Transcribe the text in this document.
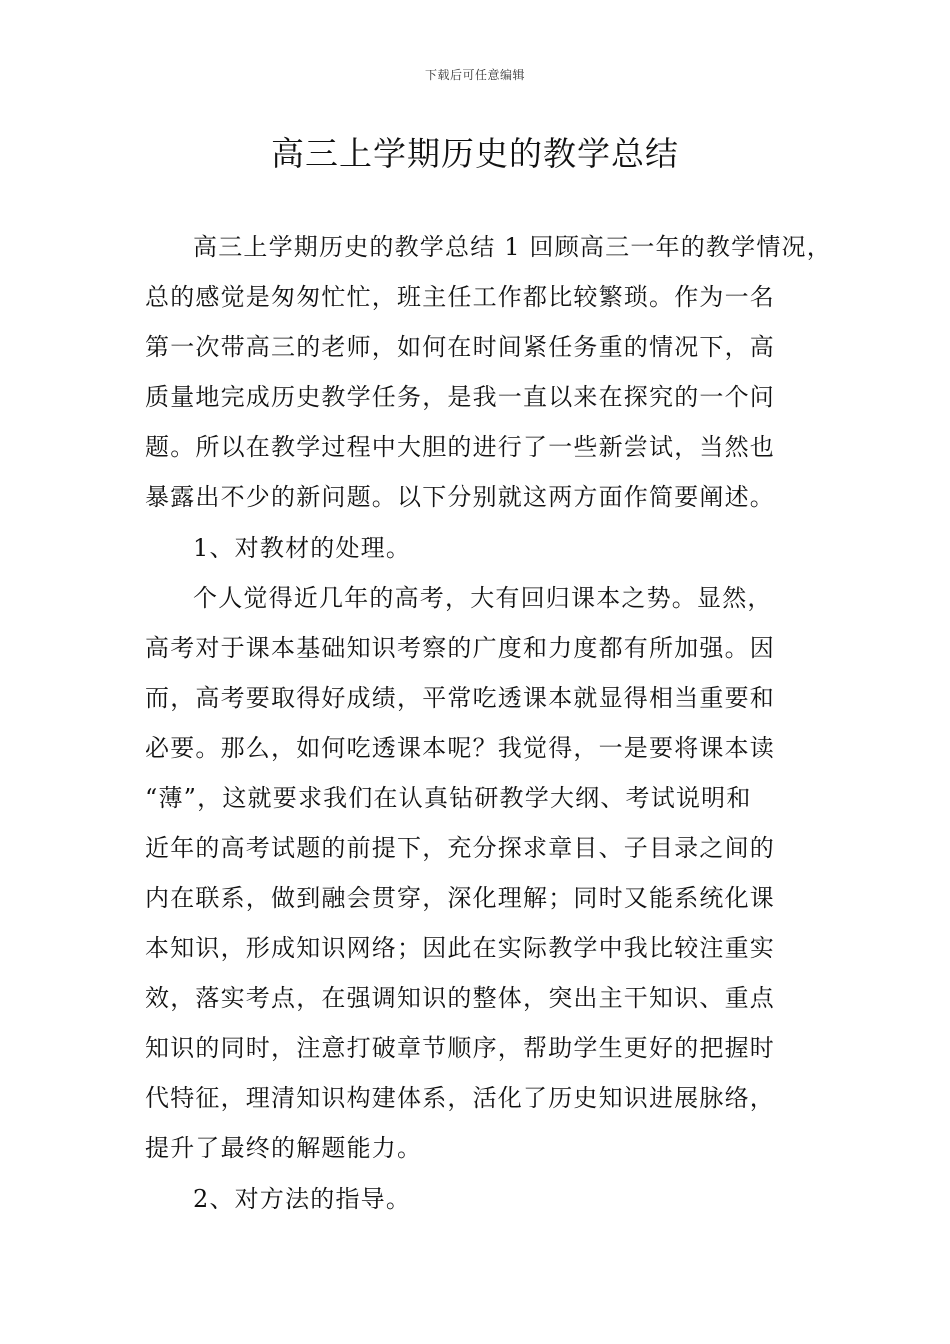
下载后可任意编辑
高三上学期历史的教学总结
高三上学期历史的教学总结 1 回顾高三一年的教学情况，
总的感觉是匆匆忙忙，班主任工作都比较繁琐。作为一名
第一次带高三的老师，如何在时间紧任务重的情况下，高
质量地完成历史教学任务，是我一直以来在探究的一个问
题。所以在教学过程中大胆的进行了一些新尝试，当然也
暴露出不少的新问题。以下分别就这两方面作简要阐述。
1、对教材的处理。
个人觉得近几年的高考，大有回归课本之势。显然，
高考对于课本基础知识考察的广度和力度都有所加强。因
而，高考要取得好成绩，平常吃透课本就显得相当重要和
必要。那么，如何吃透课本呢？我觉得，一是要将课本读
“薄”，这就要求我们在认真钻研教学大纲、考试说明和
近年的高考试题的前提下，充分探求章目、子目录之间的
内在联系，做到融会贯穿，深化理解；同时又能系统化课
本知识，形成知识网络；因此在实际教学中我比较注重实
效，落实考点，在强调知识的整体，突出主干知识、重点
知识的同时，注意打破章节顺序，帮助学生更好的把握时
代特征，理清知识构建体系，活化了历史知识进展脉络，
提升了最终的解题能力。
2、对方法的指导。
